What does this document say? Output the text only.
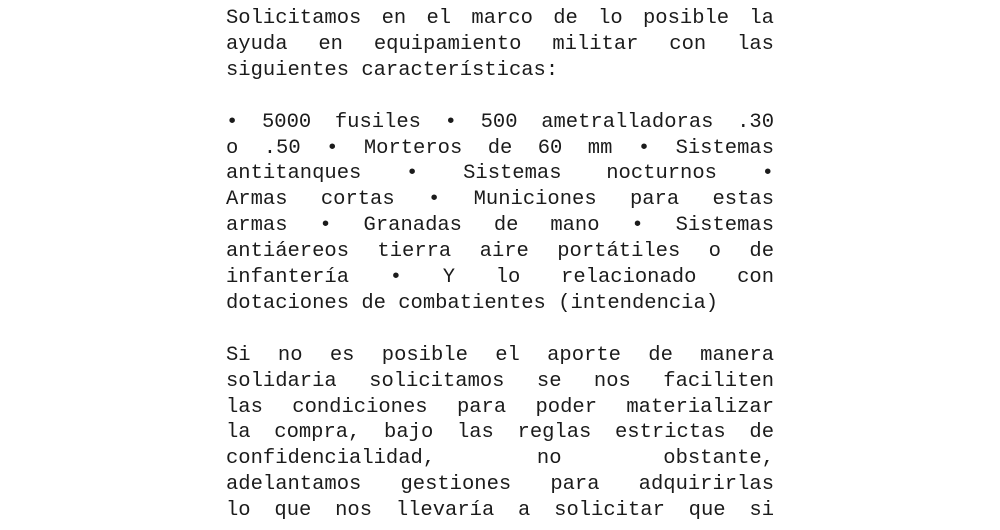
Solicitamos en el marco de lo posible la
ayuda en equipamiento militar con las
siguientes características:
• 5000 fusiles • 500 ametralladoras .30
o .50 • Morteros de 60 mm • Sistemas
antitanques • Sistemas nocturnos •
Armas cortas • Municiones para estas
armas • Granadas de mano • Sistemas
antiáereos tierra aire portátiles o de
infantería • Y lo relacionado con
dotaciones de combatientes (intendencia)
Si no es posible el aporte de manera
solidaria solicitamos se nos faciliten
las condiciones para poder materializar
la compra, bajo las reglas estrictas de
confidencialidad, no obstante,
adelantamos gestiones para adquirirlas
lo que nos llevaría a solicitar que si
